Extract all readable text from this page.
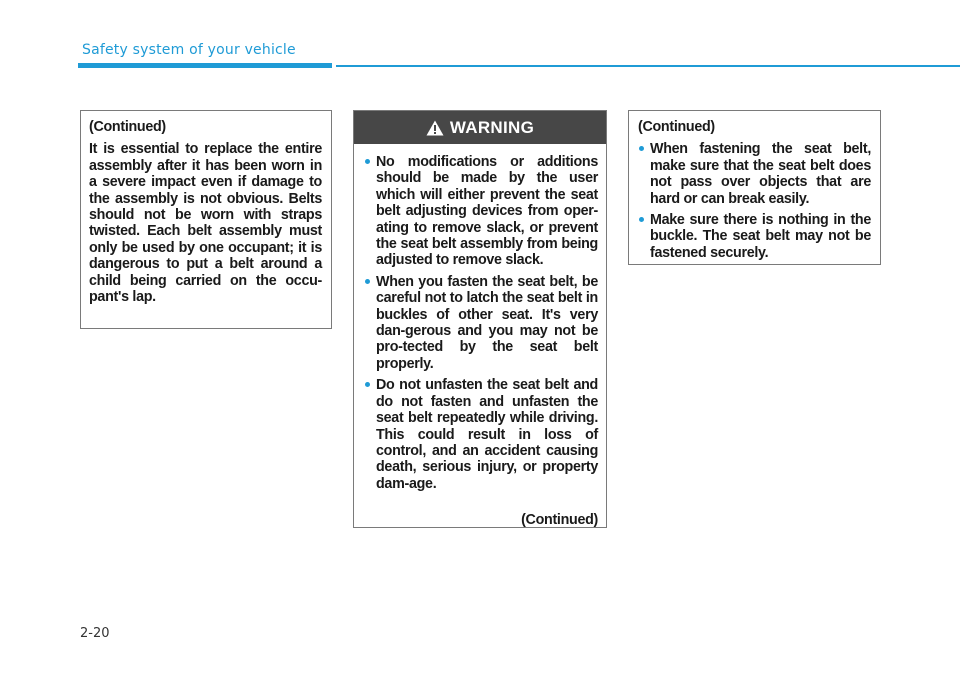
Safety system of your vehicle

(Continued)

It is essential to replace the entire assembly after it has been worn in a severe impact even if damage to the assembly is not obvious. Belts should not be worn with straps twisted. Each belt assembly must only be used by one occupant; it is dangerous to put a belt around a child being carried on the occu-pant's lap.

WARNING
No modifications or additions should be made by the user which will either prevent the seat belt adjusting devices from oper-ating to remove slack, or prevent the seat belt assembly from being adjusted to remove slack.
When you fasten the seat belt, be careful not to latch the seat belt in buckles of other seat. It's very dan-gerous and you may not be pro-tected by the seat belt properly.
Do not unfasten the seat belt and do not fasten and unfasten the seat belt repeatedly while driving. This could result in loss of control, and an accident causing death, serious injury, or property dam-age.
(Continued)

(Continued)

When fastening the seat belt, make sure that the seat belt does not pass over objects that are hard or can break easily.
Make sure there is nothing in the buckle. The seat belt may not be fastened securely.
2-20
